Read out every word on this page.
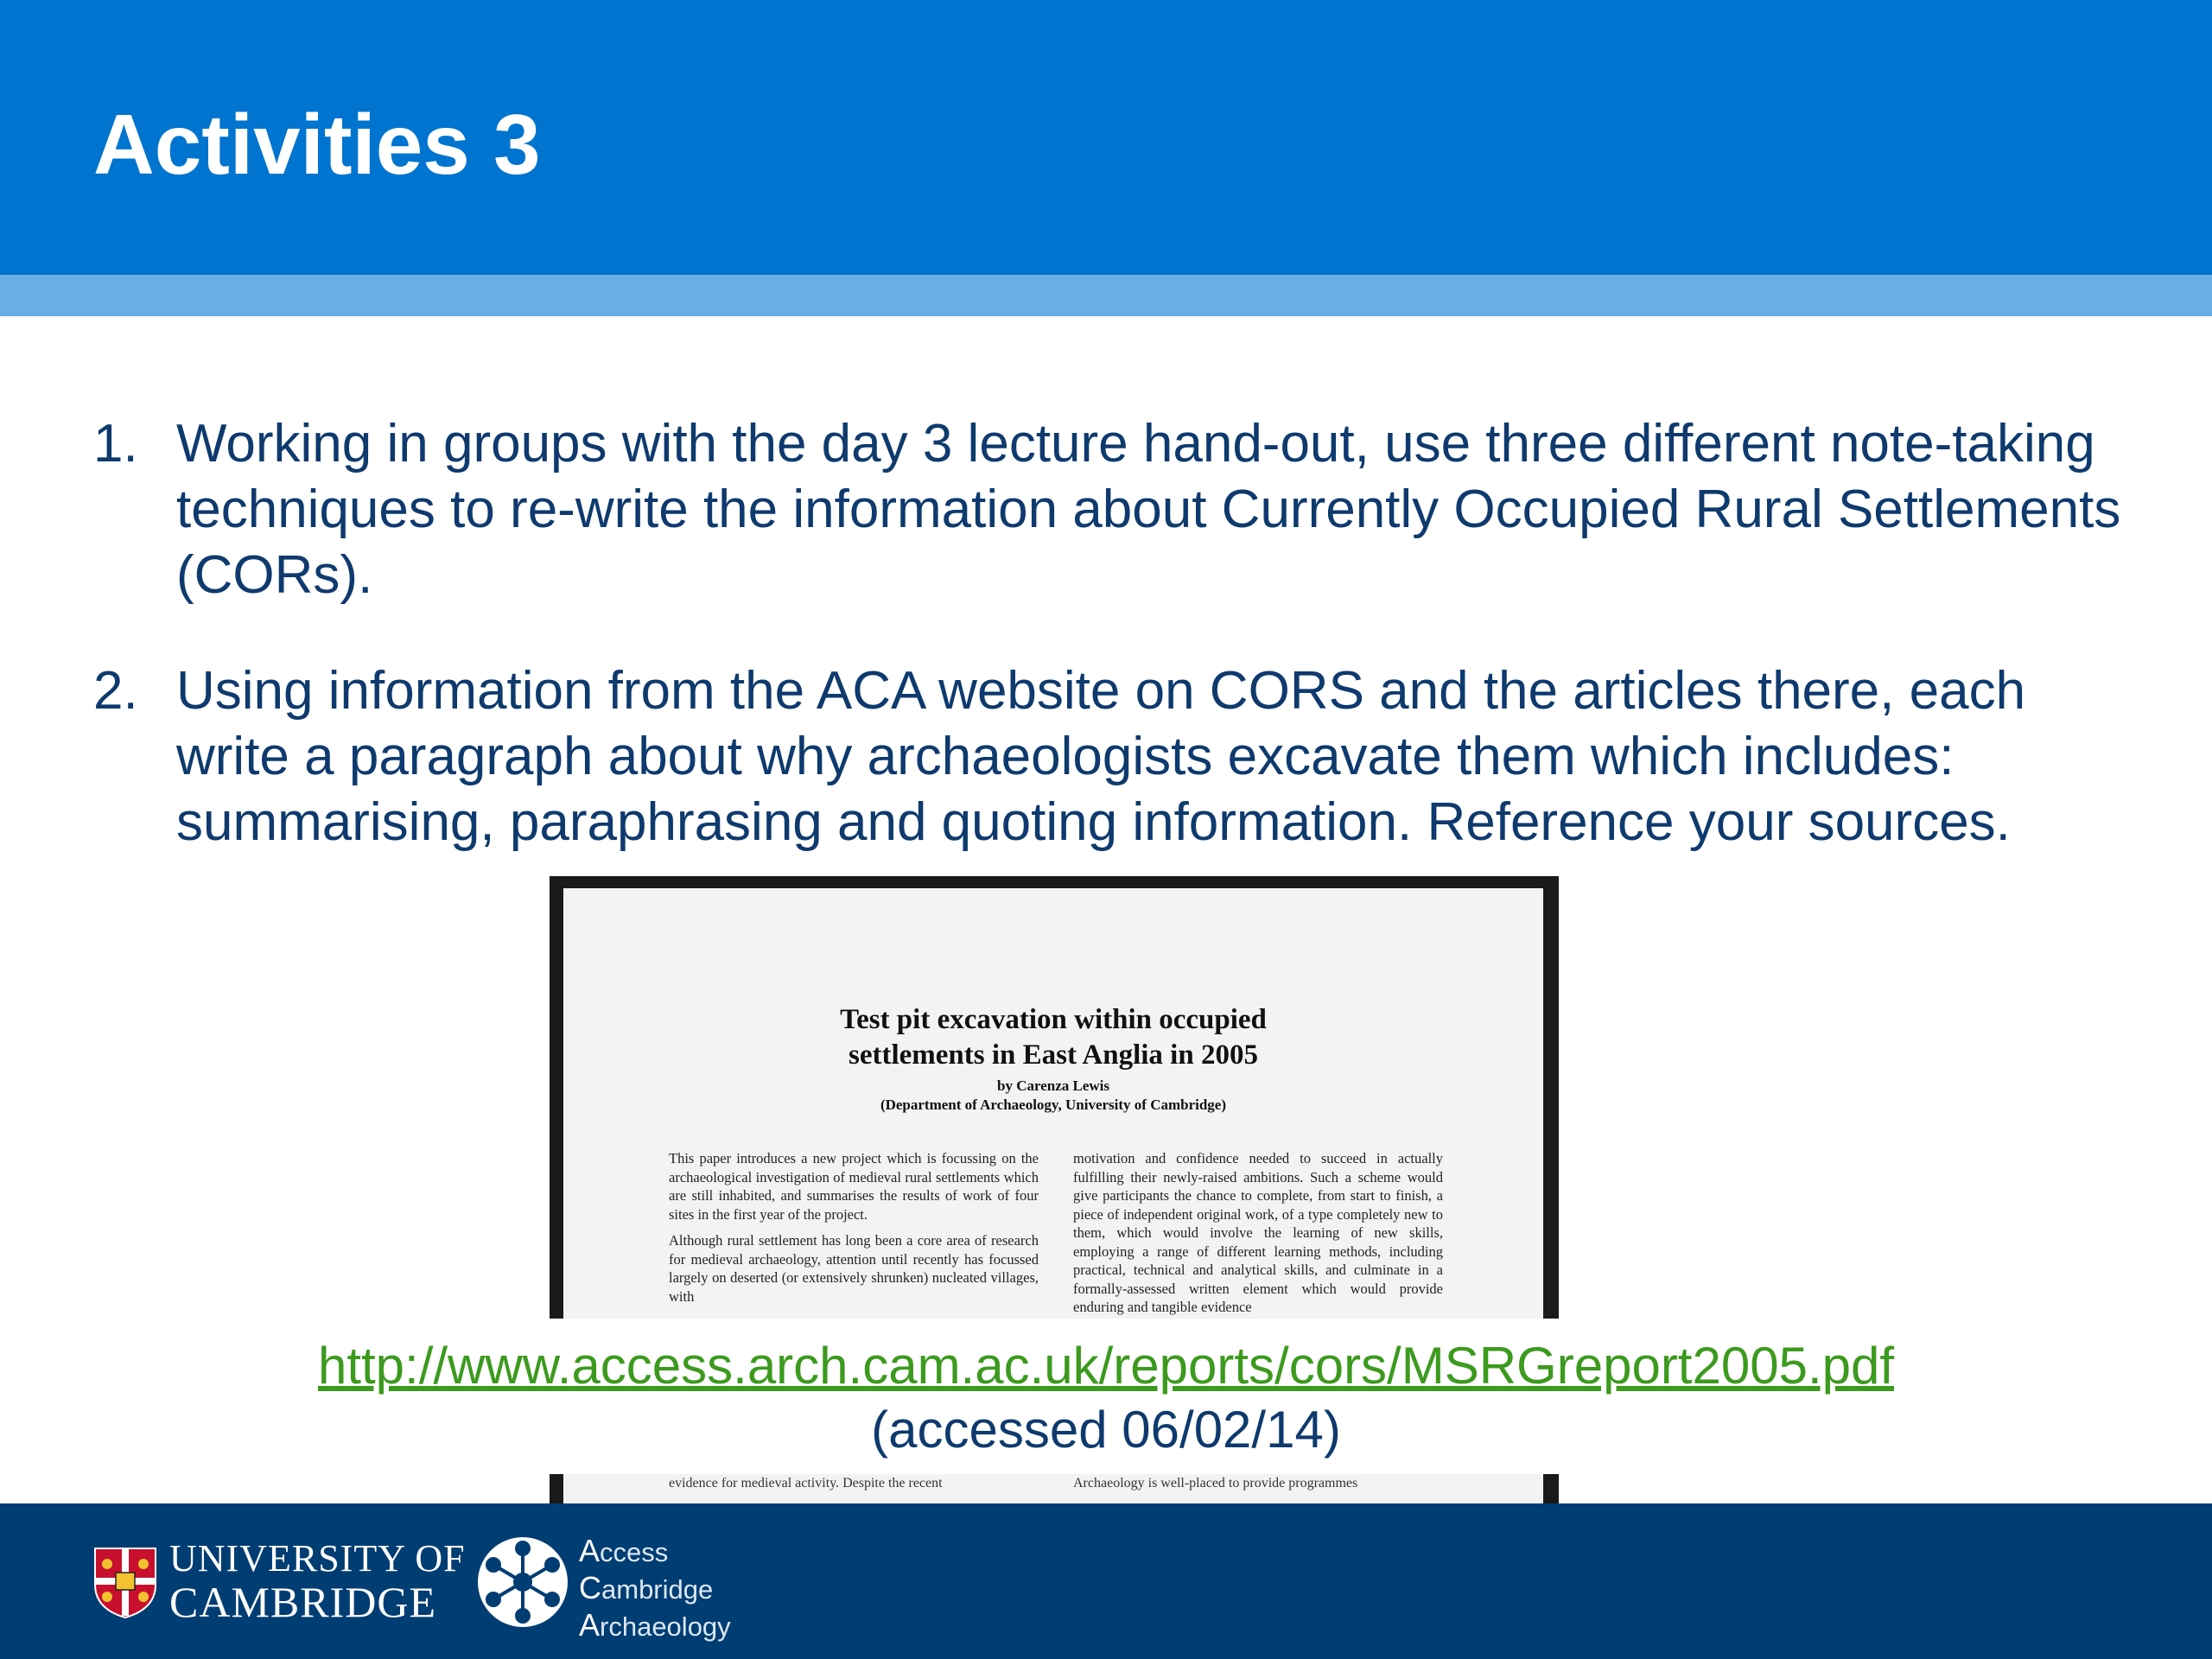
Activities 3
1. Working in groups with the day 3 lecture hand-out, use three different note-taking techniques to re-write the information about Currently Occupied Rural Settlements (CORs).
2. Using information from the ACA website on CORS and the articles there, each write a paragraph about why archaeologists excavate them which includes: summarising, paraphrasing and quoting information. Reference your sources.
Test pit excavation within occupied
settlements in East Anglia in 2005
by Carenza Lewis
(Department of Archaeology, University of Cambridge)

This paper introduces a new project which is focussing on the archaeological investigation of medieval rural settlements which are still inhabited, and summarises the results of work of four sites in the first year of the project.

Although rural settlement has long been a core area of research for medieval archaeology, attention until recently has focussed largely on deserted (or extensively shrunken) nucleated villages, with

motivation and confidence needed to succeed in actually fulfilling their newly-raised ambitions. Such a scheme would give participants the chance to complete, from start to finish, a piece of independent original work, of a type completely new to them, which would involve the learning of new skills, employing a range of different learning methods, including practical, technical and analytical skills, and culminate in a formally-assessed written element which would provide enduring and tangible evidence

http://www.access.arch.cam.ac.uk/reports/cors/MSRGreport2005.pdf
(accessed 06/02/14)
evidence for medieval activity. Despite the recent	Archaeology is well-placed to provide programmes
UNIVERSITY OF
CAMBRIDGE
Access
Cambridge
Archaeology
